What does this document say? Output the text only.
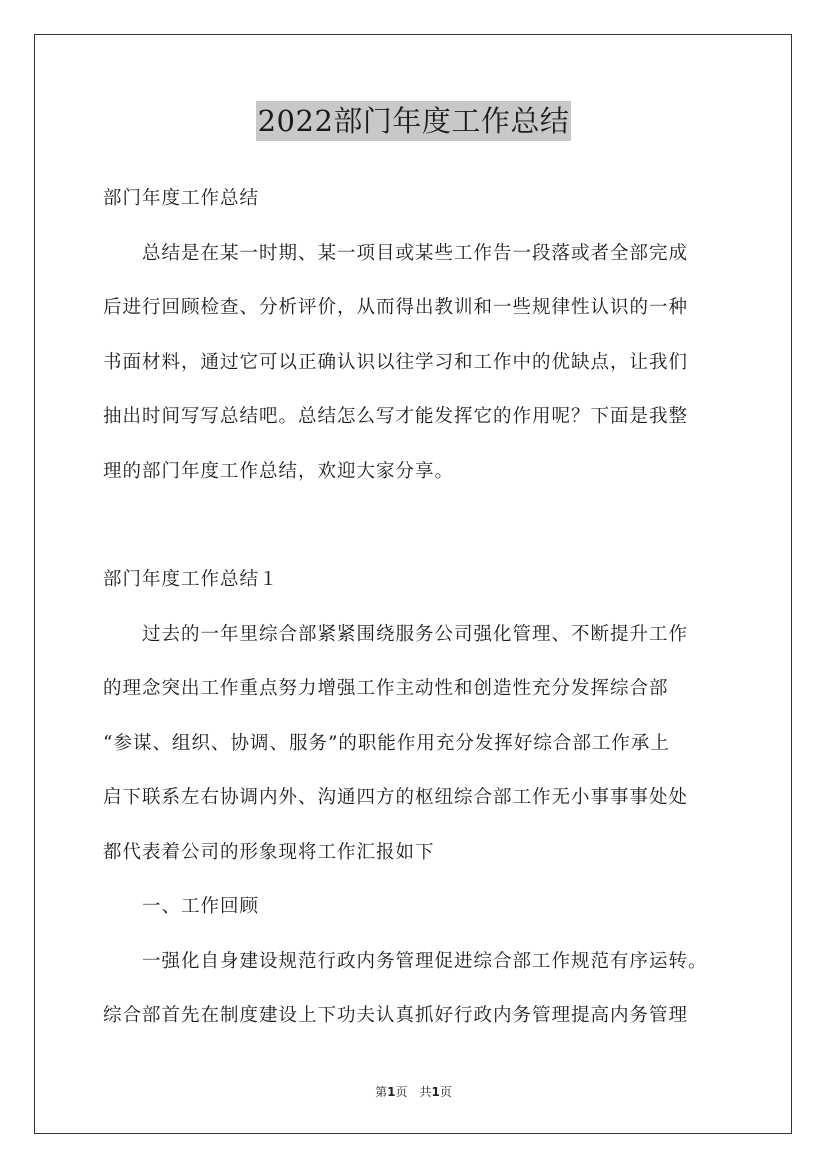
2022部门年度工作总结
部门年度工作总结
　　总结是在某一时期、某一项目或某些工作告一段落或者全部完成
后进行回顾检查、分析评价，从而得出教训和一些规律性认识的一种
书面材料，通过它可以正确认识以往学习和工作中的优缺点，让我们
抽出时间写写总结吧。总结怎么写才能发挥它的作用呢？下面是我整
理的部门年度工作总结，欢迎大家分享。
部门年度工作总结１
　　过去的一年里综合部紧紧围绕服务公司强化管理、不断提升工作
的理念突出工作重点努力增强工作主动性和创造性充分发挥综合部
“参谋、组织、协调、服务”的职能作用充分发挥好综合部工作承上
启下联系左右协调内外、沟通四方的枢纽综合部工作无小事事事处处
都代表着公司的形象现将工作汇报如下
　　一、工作回顾
　　一强化自身建设规范行政内务管理促进综合部工作规范有序运转。
综合部首先在制度建设上下功夫认真抓好行政内务管理提高内务管理
第1页　共1页
